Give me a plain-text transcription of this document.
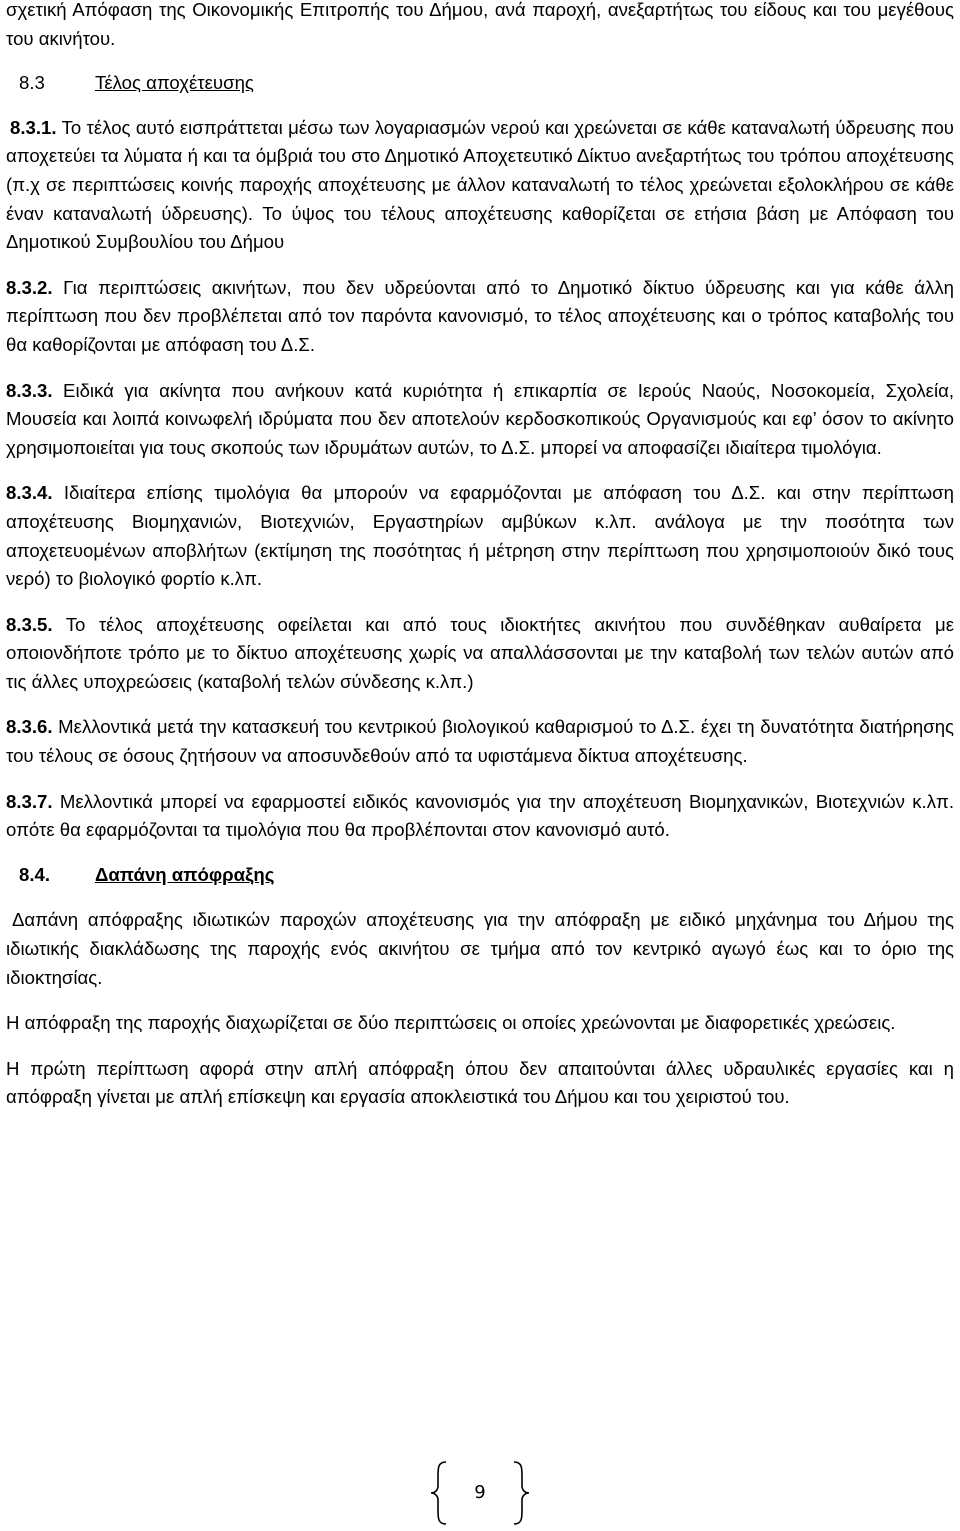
σχετική Απόφαση της Οικονομικής Επιτροπής του Δήμου, ανά παροχή, ανεξαρτήτως του είδους και του μεγέθους του ακινήτου.

8.3	Τέλος αποχέτευσης

8.3.1. Το τέλος αυτό εισπράττεται μέσω των λογαριασμών νερού και χρεώνεται σε κάθε καταναλωτή ύδρευσης που αποχετεύει τα λύματα ή και τα όμβριά του στο Δημοτικό Αποχετευτικό Δίκτυο ανεξαρτήτως του τρόπου αποχέτευσης (π.χ σε περιπτώσεις κοινής παροχής αποχέτευσης με άλλον καταναλωτή το τέλος χρεώνεται εξολοκλήρου σε κάθε έναν καταναλωτή ύδρευσης). Το ύψος του τέλους αποχέτευσης καθορίζεται σε ετήσια βάση με Απόφαση του Δημοτικού Συμβουλίου του Δήμου

8.3.2. Για περιπτώσεις ακινήτων, που δεν υδρεύονται από το Δημοτικό δίκτυο ύδρευσης και για κάθε άλλη περίπτωση που δεν προβλέπεται από τον παρόντα κανονισμό, το τέλος αποχέτευσης και ο τρόπος καταβολής του θα καθορίζονται με απόφαση του Δ.Σ.

8.3.3. Ειδικά για ακίνητα που ανήκουν κατά κυριότητα ή επικαρπία σε Ιερούς Ναούς, Νοσοκομεία, Σχολεία, Μουσεία και λοιπά κοινωφελή ιδρύματα που δεν αποτελούν κερδοσκοπικούς Οργανισμούς και εφ’ όσον το ακίνητο χρησιμοποιείται για τους σκοπούς των ιδρυμάτων αυτών, το Δ.Σ. μπορεί να αποφασίζει ιδιαίτερα τιμολόγια.

8.3.4. Ιδιαίτερα επίσης τιμολόγια θα μπορούν να εφαρμόζονται με απόφαση του Δ.Σ. και στην περίπτωση αποχέτευσης Βιομηχανιών, Βιοτεχνιών, Εργαστηρίων αμβύκων κ.λπ. ανάλογα με την ποσότητα των αποχετευομένων αποβλήτων (εκτίμηση της ποσότητας ή μέτρηση στην περίπτωση που χρησιμοποιούν δικό τους νερό) το βιολογικό φορτίο κ.λπ.

8.3.5. Το τέλος αποχέτευσης οφείλεται και από τους ιδιοκτήτες ακινήτου που συνδέθηκαν αυθαίρετα με οποιονδήποτε τρόπο με το δίκτυο αποχέτευσης χωρίς να απαλλάσσονται με την καταβολή των τελών αυτών από τις άλλες υποχρεώσεις (καταβολή τελών σύνδεσης κ.λπ.)

8.3.6. Μελλοντικά μετά την κατασκευή του κεντρικού βιολογικού καθαρισμού το Δ.Σ. έχει τη δυνατότητα διατήρησης του τέλους σε όσους ζητήσουν να αποσυνδεθούν από τα υφιστάμενα δίκτυα αποχέτευσης.

8.3.7. Μελλοντικά μπορεί να εφαρμοστεί ειδικός κανονισμός για την αποχέτευση Βιομηχανικών, Βιοτεχνιών κ.λπ. οπότε θα εφαρμόζονται τα τιμολόγια που θα προβλέπονται στον κανονισμό αυτό.

8.4. Δαπάνη απόφραξης

Δαπάνη απόφραξης ιδιωτικών παροχών αποχέτευσης για την απόφραξη με ειδικό μηχάνημα του Δήμου της ιδιωτικής διακλάδωσης της παροχής ενός ακινήτου σε τμήμα από τον κεντρικό αγωγό έως και το όριο της ιδιοκτησίας.

Η απόφραξη της παροχής διαχωρίζεται σε δύο περιπτώσεις οι οποίες χρεώνονται με διαφορετικές χρεώσεις.

Η πρώτη περίπτωση αφορά στην απλή απόφραξη όπου δεν απαιτούνται άλλες υδραυλικές εργασίες και η απόφραξη γίνεται με απλή επίσκεψη και εργασία αποκλειστικά του Δήμου και του χειριστού του.

9
